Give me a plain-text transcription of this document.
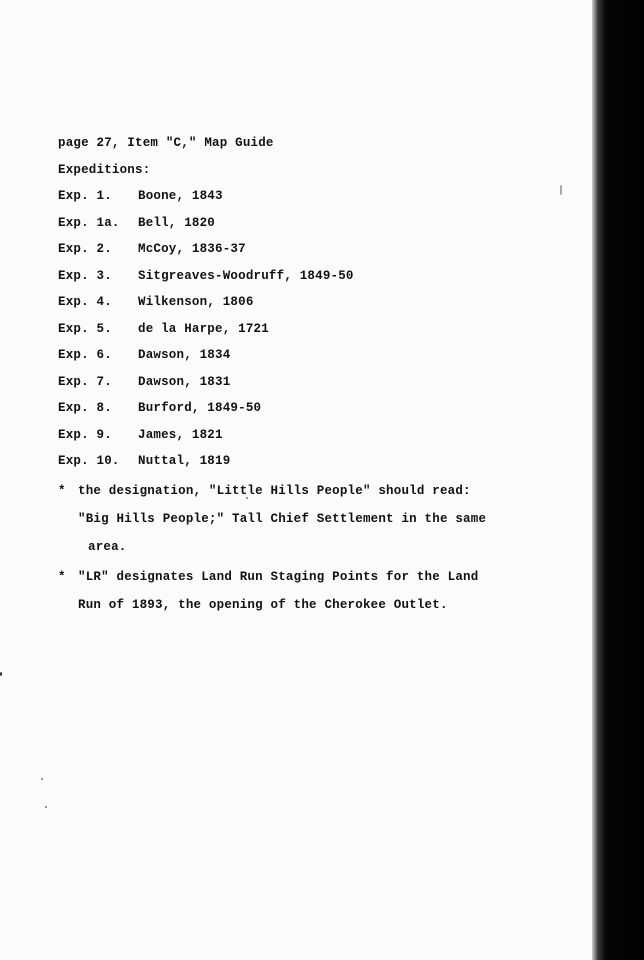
page 27, Item "C," Map Guide
Expeditions:
Exp. 1.	Boone, 1843
Exp. 1a.	Bell, 1820
Exp. 2.	McCoy, 1836-37
Exp. 3.	Sitgreaves-Woodruff, 1849-50
Exp. 4.	Wilkenson, 1806
Exp. 5.	de la Harpe, 1721
Exp. 6.	Dawson, 1834
Exp. 7.	Dawson, 1831
Exp. 8.	Burford, 1849-50
Exp. 9.	James, 1821
Exp. 10.	Nuttal, 1819
* the designation, "Little Hills People" should read:
"Big Hills People;" Tall Chief Settlement in the same
area.
* "LR" designates Land Run Staging Points for the Land
Run of 1893, the opening of the Cherokee Outlet.
